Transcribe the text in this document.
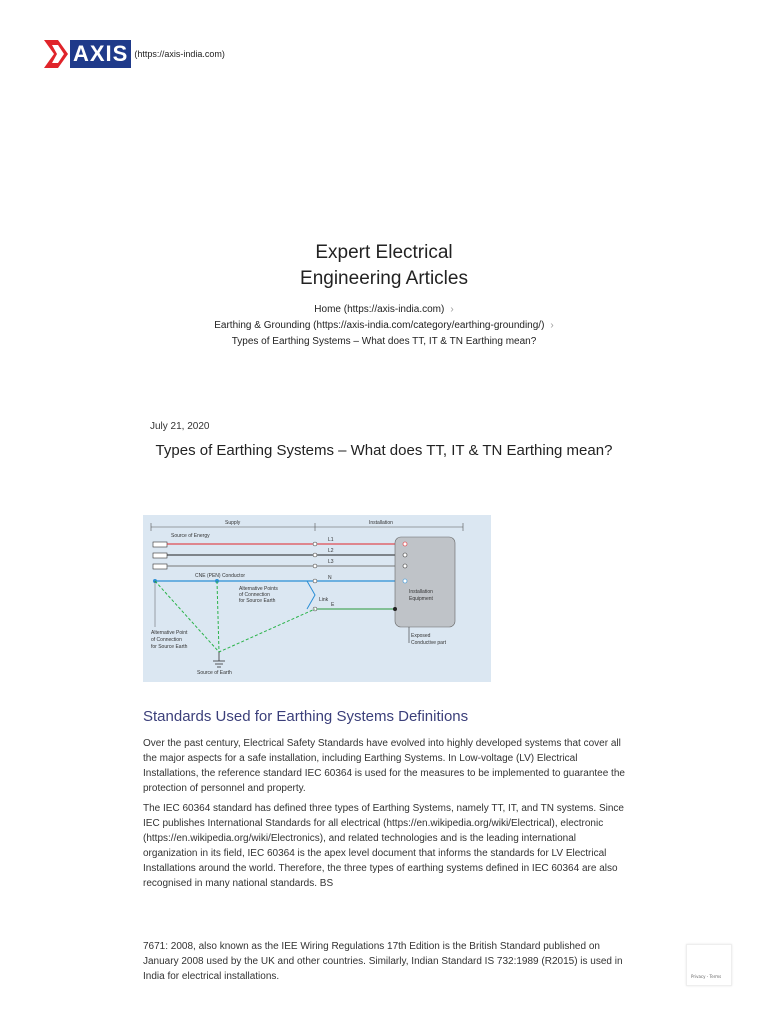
AXIS (https://axis-india.com)
Expert Electrical
Engineering Articles
Home (https://axis-india.com) ›
Earthing & Grounding (https://axis-india.com/category/earthing-grounding/) ›
Types of Earthing Systems – What does TT, IT & TN Earthing mean?
July 21, 2020
Types of Earthing Systems – What does TT, IT & TN Earthing mean?
Supply	Installation
Source of Energy
L1
L2
L3
CNE (PEN) Conductor	N
Link
E
Installation
Equipment
Exposed
Conductive part
Alternative Points
of Connection
for Source Earth
Alternative Point
of Connection
for Source Earth
Source of Earth
Standards Used for Earthing Systems Definitions

Over the past century, Electrical Safety Standards have evolved into highly developed systems that cover all the major aspects for a safe installation, including Earthing Systems. In Low-voltage (LV) Electrical Installations, the reference standard IEC 60364 is used for the measures to be implemented to guarantee the protection of personnel and property.

The IEC 60364 standard has defined three types of Earthing Systems, namely TT, IT, and TN systems. Since IEC publishes International Standards for all electrical (https://en.wikipedia.org/wiki/Electrical), electronic (https://en.wikipedia.org/wiki/Electronics), and related technologies and is the leading international organization in its field, IEC 60364 is the apex level document that informs the standards for LV Electrical Installations around the world. Therefore, the three types of earthing systems defined in IEC 60364 are also recognised in many national standards. BS

7671: 2008, also known as the IEE Wiring Regulations 17th Edition is the British Standard published on January 2008 used by the UK and other countries. Similarly, Indian Standard IS 732:1989 (R2015) is used in India for electrical installations.	Privacy - Terms
